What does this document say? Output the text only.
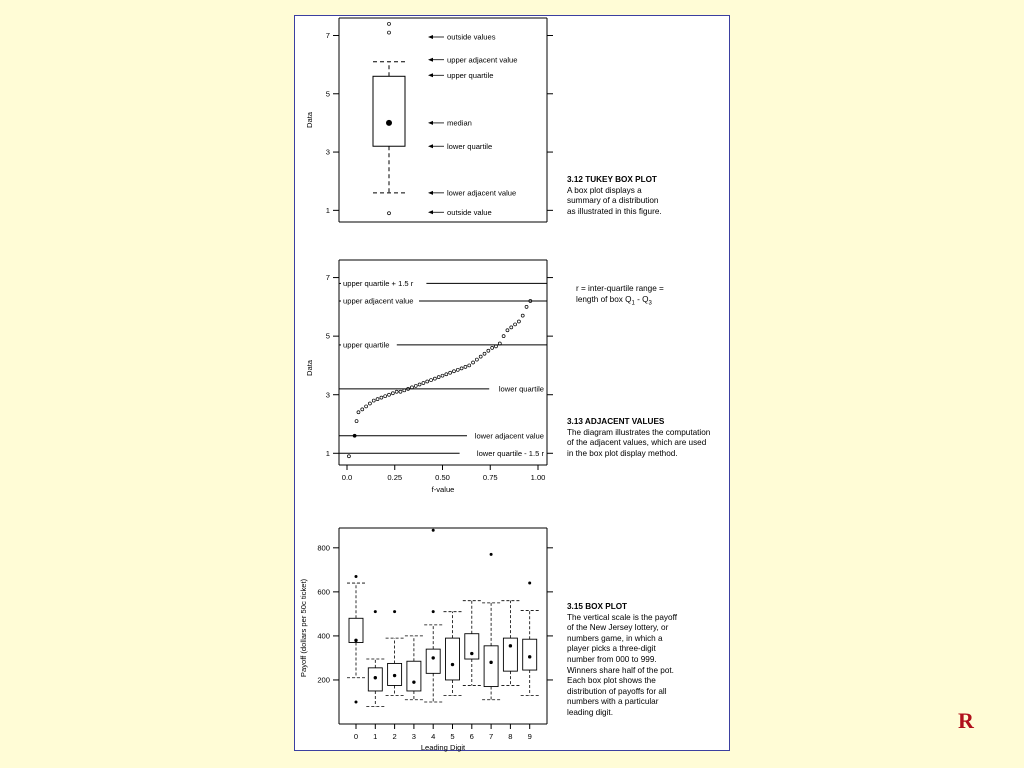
1
3
5
7
Data
outside values
upper adjacent value
upper quartile
median
lower quartile
lower adjacent value
outside value
1
3
5
7
Data
0.0	0.25	0.50	0.75	1.00
f-value
upper quartile + 1.5 r
upper adjacent value
upper quartile
lower quartile
lower adjacent value
lower quartile - 1.5 r
200
400
600
800
Payoff (dollars per 50c ticket)
0 1 2 3 4 5 6 7 8 9
Leading Digit
3.12 TUKEY BOX PLOT
A box plot displays a
summary of a distribution
as illustrated in this figure.
r = inter-quartile range =
length of box $Q_1 - Q_3$
3.13 ADJACENT VALUES
The diagram illustrates the computation
of the adjacent values, which are used
in the box plot display method.
3.15 BOX PLOT
The vertical scale is the payoff
of the New Jersey lottery, or
numbers game, in which a
player picks a three-digit
number from 000 to 999.
Winners share half of the pot.
Each box plot shows the
distribution of payoffs for all
numbers with a particular
leading digit.	R
